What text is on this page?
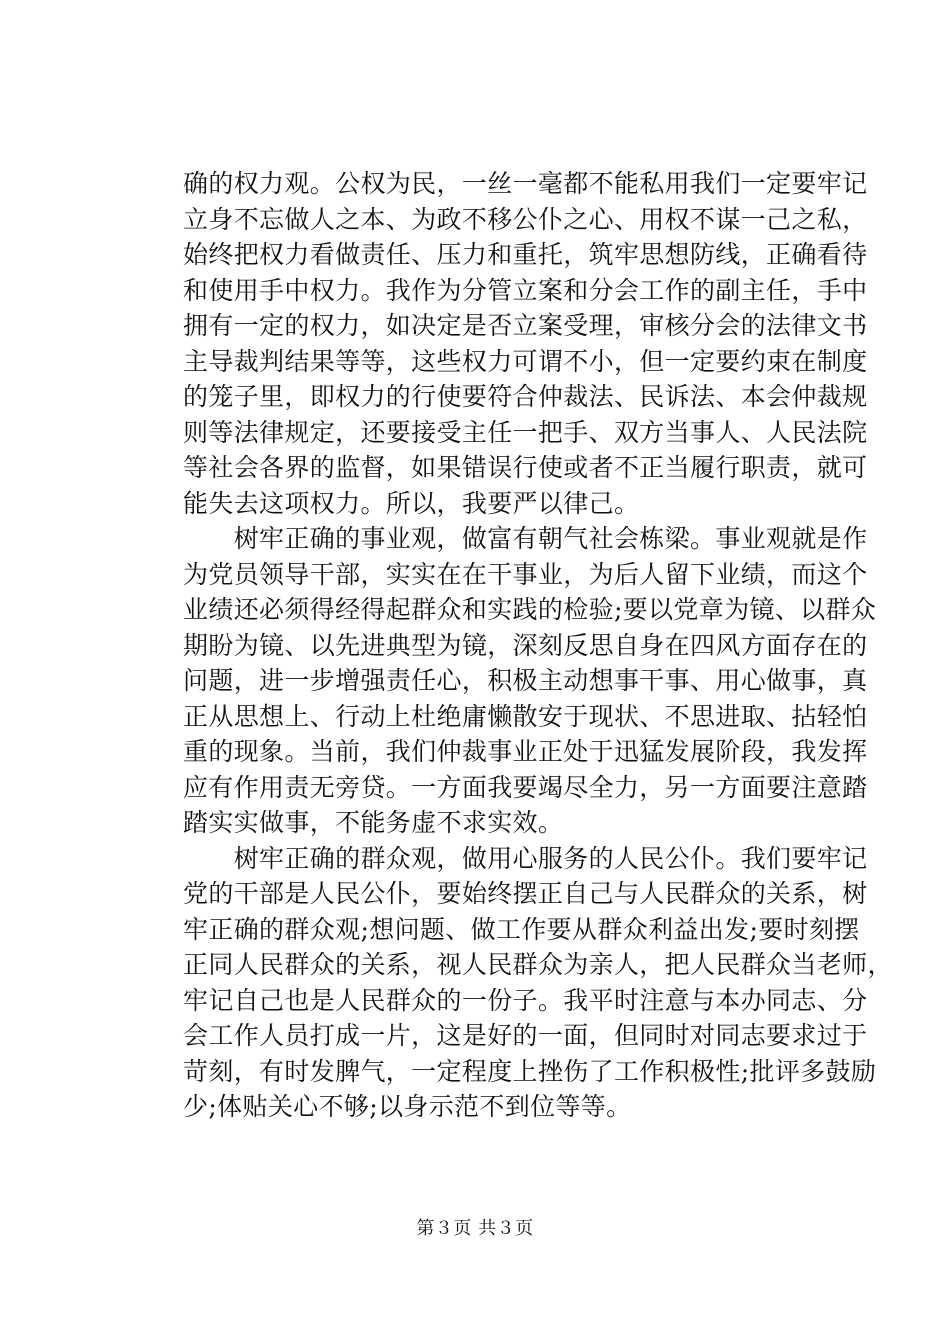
确的权力观。公权为民，一丝一毫都不能私用我们一定要牢记
立身不忘做人之本、为政不移公仆之心、用权不谋一己之私，
始终把权力看做责任、压力和重托，筑牢思想防线，正确看待
和使用手中权力。我作为分管立案和分会工作的副主任，手中
拥有一定的权力，如决定是否立案受理，审核分会的法律文书
主导裁判结果等等，这些权力可谓不小，但一定要约束在制度
的笼子里，即权力的行使要符合仲裁法、民诉法、本会仲裁规
则等法律规定，还要接受主任一把手、双方当事人、人民法院
等社会各界的监督，如果错误行使或者不正当履行职责，就可
能失去这项权力。所以，我要严以律己。
　　树牢正确的事业观，做富有朝气社会栋梁。事业观就是作
为党员领导干部，实实在在干事业，为后人留下业绩，而这个
业绩还必须得经得起群众和实践的检验;要以党章为镜、以群众
期盼为镜、以先进典型为镜，深刻反思自身在四风方面存在的
问题，进一步增强责任心，积极主动想事干事、用心做事，真
正从思想上、行动上杜绝庸懒散安于现状、不思进取、拈轻怕
重的现象。当前，我们仲裁事业正处于迅猛发展阶段，我发挥
应有作用责无旁贷。一方面我要竭尽全力，另一方面要注意踏
踏实实做事，不能务虚不求实效。
　　树牢正确的群众观，做用心服务的人民公仆。我们要牢记
党的干部是人民公仆，要始终摆正自己与人民群众的关系，树
牢正确的群众观;想问题、做工作要从群众利益出发;要时刻摆
正同人民群众的关系，视人民群众为亲人，把人民群众当老师，
牢记自己也是人民群众的一份子。我平时注意与本办同志、分
会工作人员打成一片，这是好的一面，但同时对同志要求过于
苛刻，有时发脾气，一定程度上挫伤了工作积极性;批评多鼓励
少;体贴关心不够;以身示范不到位等等。
第３页 共３页
